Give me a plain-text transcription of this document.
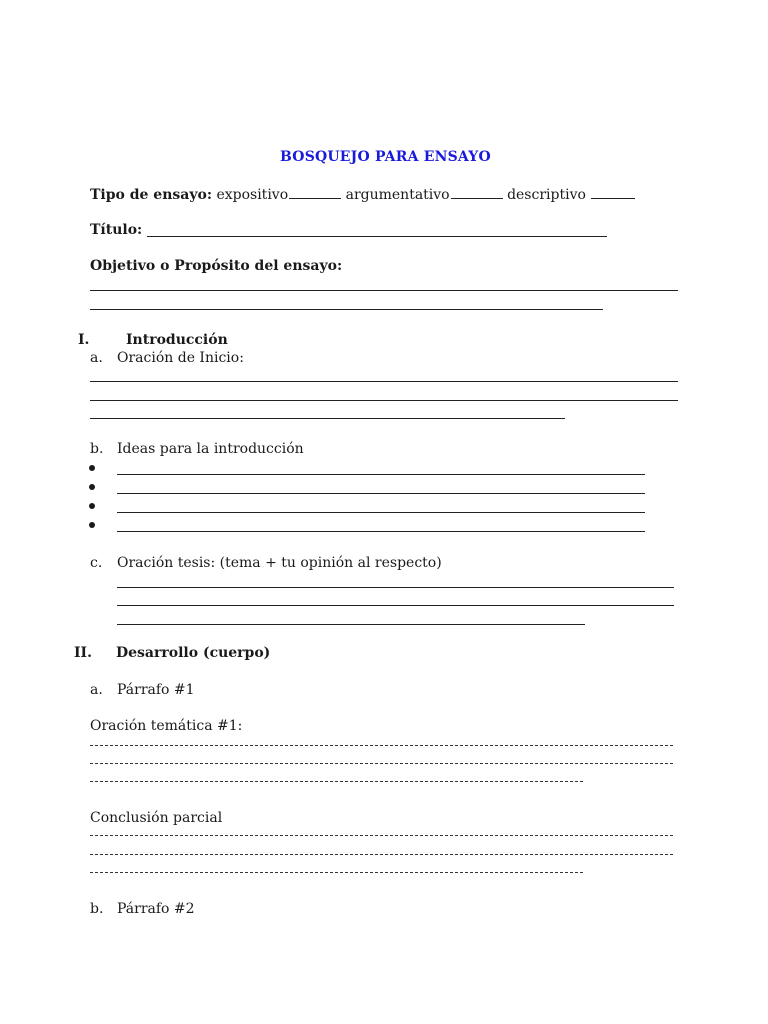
BOSQUEJO PARA ENSAYO
Tipo de ensayo: expositivo	argumentativo	descriptivo
Título:
Objetivo o Propósito del ensayo:
I.	Introducción
a. Oración de Inicio:
b. Ideas para la introducción
c. Oración tesis: (tema + tu opinión al respecto)
II. Desarrollo (cuerpo)
a. Párrafo #1
Oración temática #1:
Conclusión parcial
b. Párrafo #2
